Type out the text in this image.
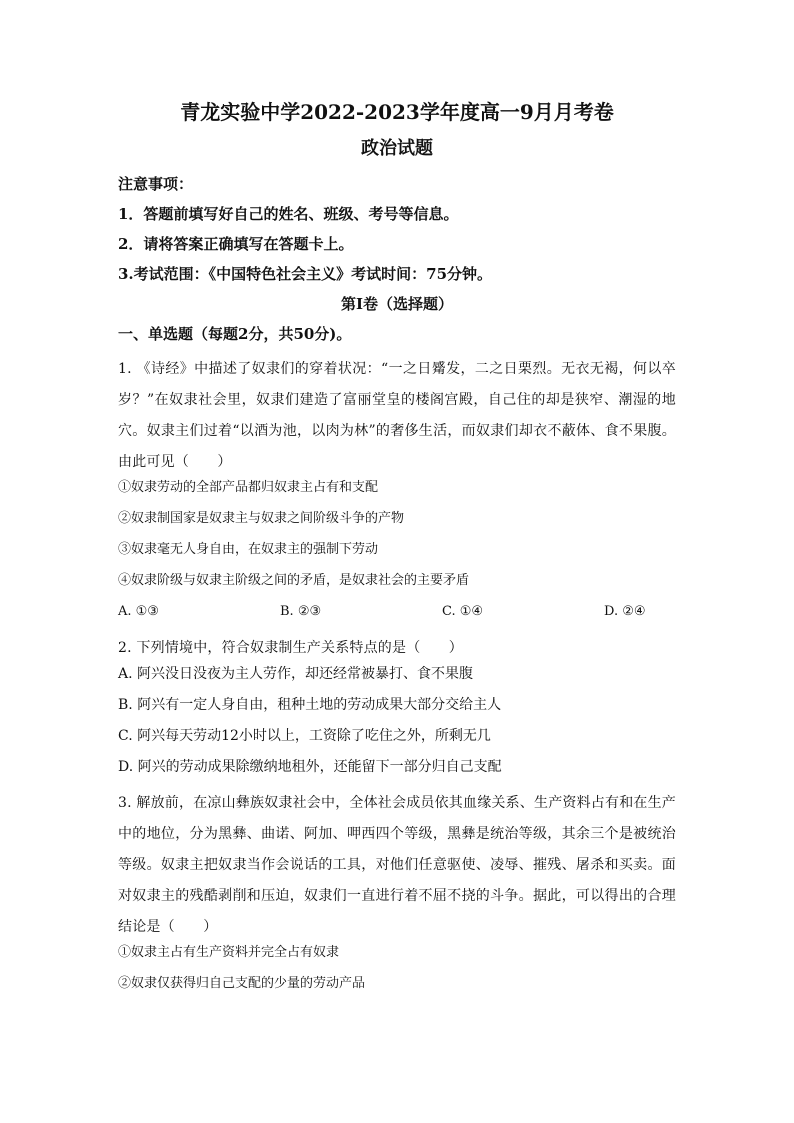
青龙实验中学2022-2023学年度高一9月月考卷
政治试题

注意事项：

1．答题前填写好自己的姓名、班级、考号等信息。

2．请将答案正确填写在答题卡上。

3.考试范围：《中国特色社会主义》考试时间：75分钟。

第I卷（选择题）

一、单选题（每题2分，共50分)。

1. 《诗经》中描述了奴隶们的穿着状况：“一之日觱发，二之日栗烈。无衣无褐，何以卒岁？”在奴隶社会里，奴隶们建造了富丽堂皇的楼阁宫殿，自己住的却是狭窄、潮湿的地穴。奴隶主们过着“以酒为池，以肉为林”的奢侈生活，而奴隶们却衣不蔽体、食不果腹。由此可见（　　）

①奴隶劳动的全部产品都归奴隶主占有和支配

②奴隶制国家是奴隶主与奴隶之间阶级斗争的产物

③奴隶毫无人身自由，在奴隶主的强制下劳动

④奴隶阶级与奴隶主阶级之间的矛盾，是奴隶社会的主要矛盾

A. ①③	B. ②③	C. ①④	D. ②④

2. 下列情境中，符合奴隶制生产关系特点的是（　　）

A. 阿兴没日没夜为主人劳作，却还经常被暴打、食不果腹

B. 阿兴有一定人身自由，租种土地的劳动成果大部分交给主人

C. 阿兴每天劳动12小时以上，工资除了吃住之外，所剩无几

D. 阿兴的劳动成果除缴纳地租外，还能留下一部分归自己支配

3. 解放前，在凉山彝族奴隶社会中，全体社会成员依其血缘关系、生产资料占有和在生产中的地位，分为黑彝、曲诺、阿加、呷西四个等级，黑彝是统治等级，其余三个是被统治等级。奴隶主把奴隶当作会说话的工具，对他们任意驱使、凌辱、摧残、屠杀和买卖。面对奴隶主的残酷剥削和压迫，奴隶们一直进行着不屈不挠的斗争。据此，可以得出的合理结论是（　　）

①奴隶主占有生产资料并完全占有奴隶

②奴隶仅获得归自己支配的少量的劳动产品
